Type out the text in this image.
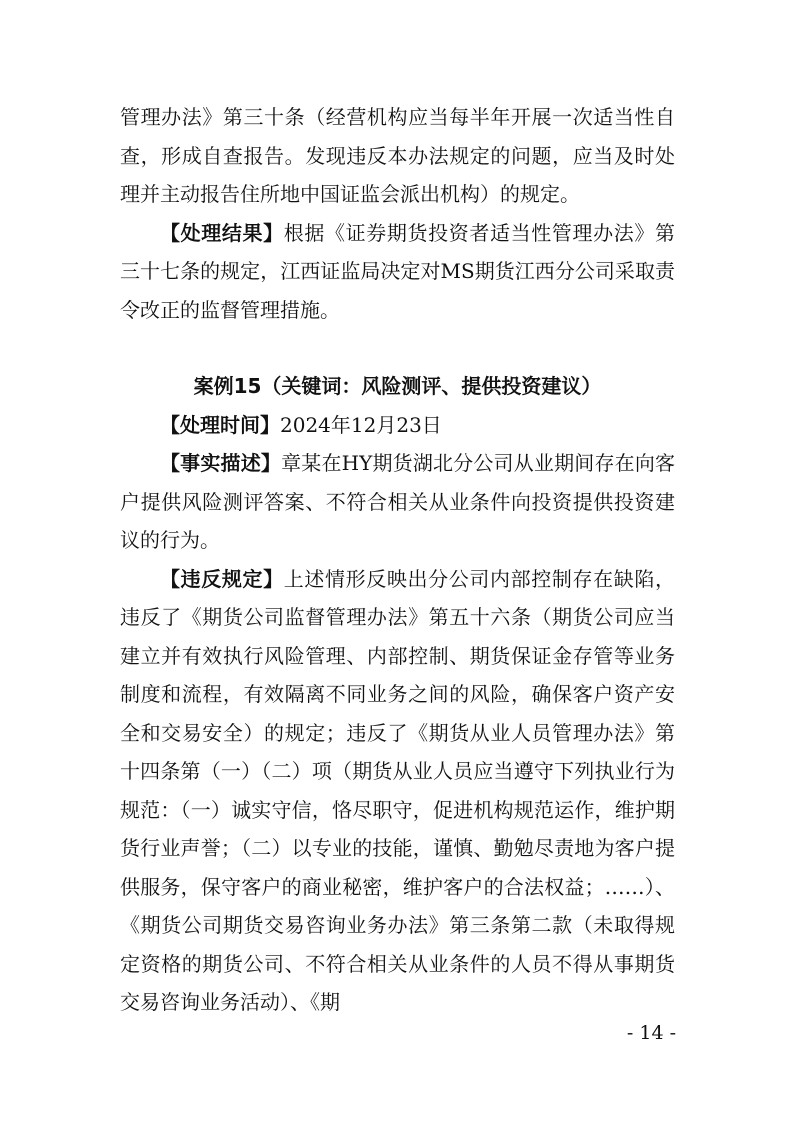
管理办法》第三十条（经营机构应当每半年开展一次适当性自查，形成自查报告。发现违反本办法规定的问题，应当及时处理并主动报告住所地中国证监会派出机构）的规定。

【处理结果】根据《证券期货投资者适当性管理办法》第三十七条的规定，江西证监局决定对MS期货江西分公司采取责令改正的监督管理措施。

案例15（关键词：风险测评、提供投资建议）

【处理时间】2024年12月23日

【事实描述】章某在HY期货湖北分公司从业期间存在向客户提供风险测评答案、不符合相关从业条件向投资提供投资建议的行为。

【违反规定】上述情形反映出分公司内部控制存在缺陷，违反了《期货公司监督管理办法》第五十六条（期货公司应当建立并有效执行风险管理、内部控制、期货保证金存管等业务制度和流程，有效隔离不同业务之间的风险，确保客户资产安全和交易安全）的规定；违反了《期货从业人员管理办法》第十四条第（一）（二）项（期货从业人员应当遵守下列执业行为规范：（一）诚实守信，恪尽职守，促进机构规范运作，维护期货行业声誉；（二）以专业的技能，谨慎、勤勉尽责地为客户提供服务，保守客户的商业秘密，维护客户的合法权益；……）、《期货公司期货交易咨询业务办法》第三条第二款（未取得规定资格的期货公司、不符合相关从业条件的人员不得从事期货交易咨询业务活动）、《期

- 14 -
